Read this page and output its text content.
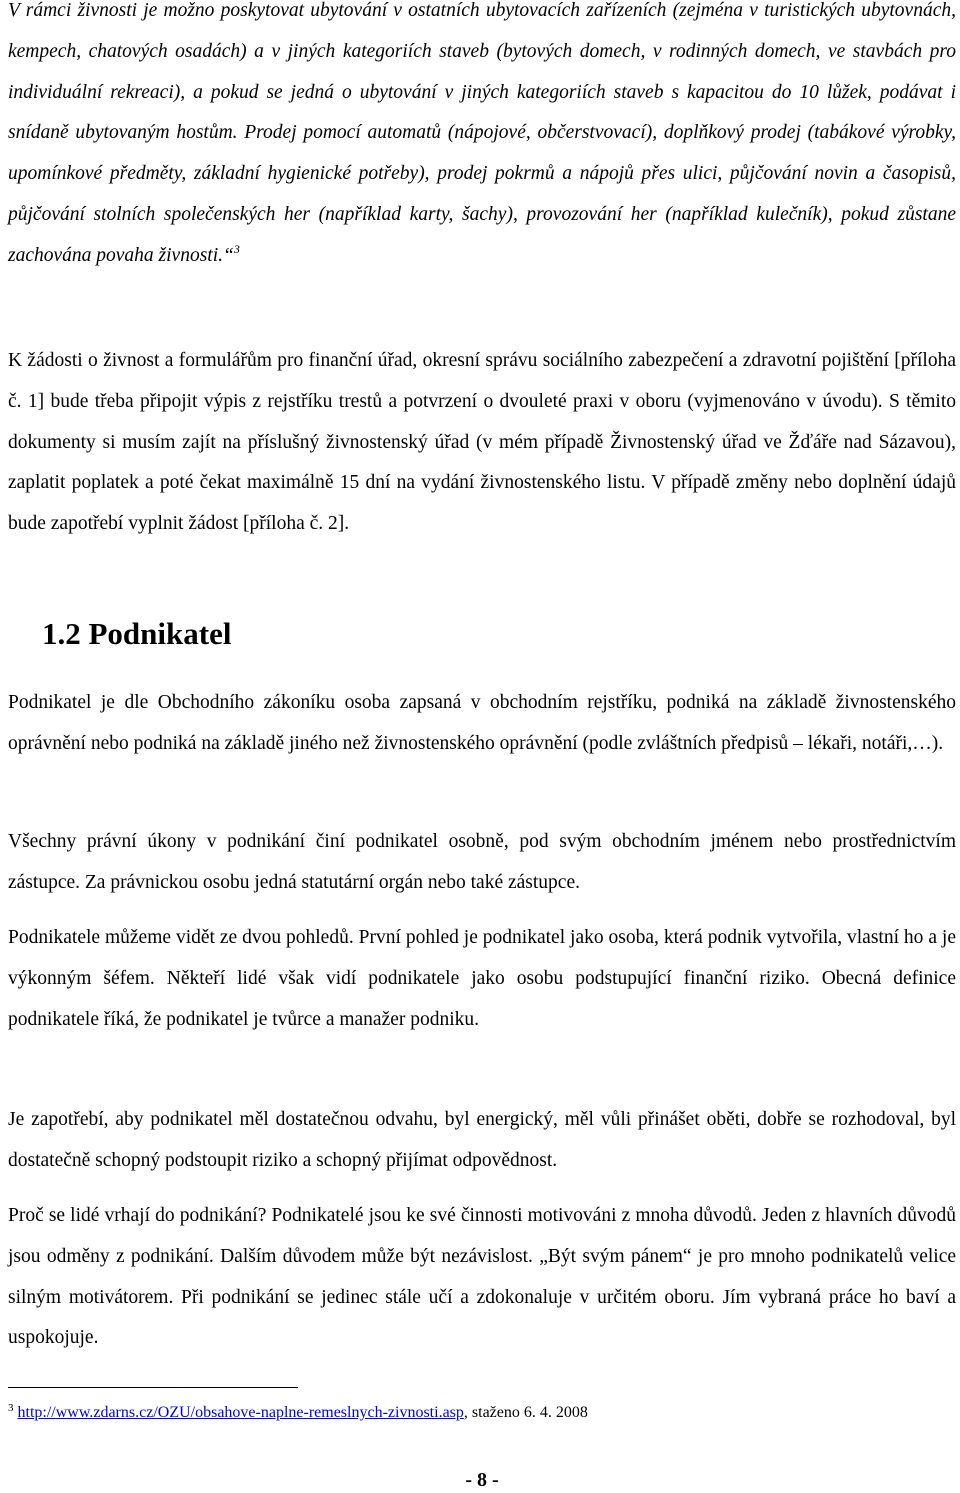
V rámci živnosti je možno poskytovat ubytování v ostatních ubytovacích zařízeních (zejména v turistických ubytovnách, kempech, chatových osadách) a v jiných kategoriích staveb (bytových domech, v rodinných domech, ve stavbách pro individuální rekreaci), a pokud se jedná o ubytování v jiných kategoriích staveb s kapacitou do 10 lůžek, podávat i snídaně ubytovaným hostům. Prodej pomocí automatů (nápojové, občerstvovací), doplňkový prodej (tabákové výrobky, upomínkové předměty, základní hygienické potřeby), prodej pokrmů a nápojů přes ulici, půjčování novin a časopisů, půjčování stolních společenských her (například karty, šachy), provozování her (například kulečník), pokud zůstane zachována povaha živnosti.“$^3$

K žádosti o živnost a formulářům pro finanční úřad, okresní správu sociálního zabezpečení a zdravotní pojištění [příloha č. 1] bude třeba připojit výpis z rejstříku trestů a potvrzení o dvouleté praxi v oboru (vyjmenováno v úvodu). S těmito dokumenty si musím zajít na příslušný živnostenský úřad (v mém případě Živnostenský úřad ve Žďáře nad Sázavou), zaplatit poplatek a poté čekat maximálně 15 dní na vydání živnostenského listu. V případě změny nebo doplnění údajů bude zapotřebí vyplnit žádost [příloha č. 2].

1.2 Podnikatel

Podnikatel je dle Obchodního zákoníku osoba zapsaná v obchodním rejstříku, podniká na základě živnostenského oprávnění nebo podniká na základě jiného než živnostenského oprávnění (podle zvláštních předpisů – lékaři, notáři,…).

Všechny právní úkony v podnikání činí podnikatel osobně, pod svým obchodním jménem nebo prostřednictvím zástupce. Za právnickou osobu jedná statutární orgán nebo také zástupce.

Podnikatele můžeme vidět ze dvou pohledů. První pohled je podnikatel jako osoba, která podnik vytvořila, vlastní ho a je výkonným šéfem. Někteří lidé však vidí podnikatele jako osobu podstupující finanční riziko. Obecná definice podnikatele říká, že podnikatel je tvůrce a manažer podniku.

Je zapotřebí, aby podnikatel měl dostatečnou odvahu, byl energický, měl vůli přinášet oběti, dobře se rozhodoval, byl dostatečně schopný podstoupit riziko a schopný přijímat odpovědnost.

Proč se lidé vrhají do podnikání? Podnikatelé jsou ke své činnosti motivováni z mnoha důvodů. Jeden z hlavních důvodů jsou odměny z podnikání. Dalším důvodem může být nezávislost. „Být svým pánem“ je pro mnoho podnikatelů velice silným motivátorem. Při podnikání se jedinec stále učí a zdokonaluje v určitém oboru. Jím vybraná práce ho baví a uspokojuje.

$^3$ http://www.zdarns.cz/OZU/obsahove-naplne-remeslnych-zivnosti.asp, staženo 6. 4. 2008
- 8 -
